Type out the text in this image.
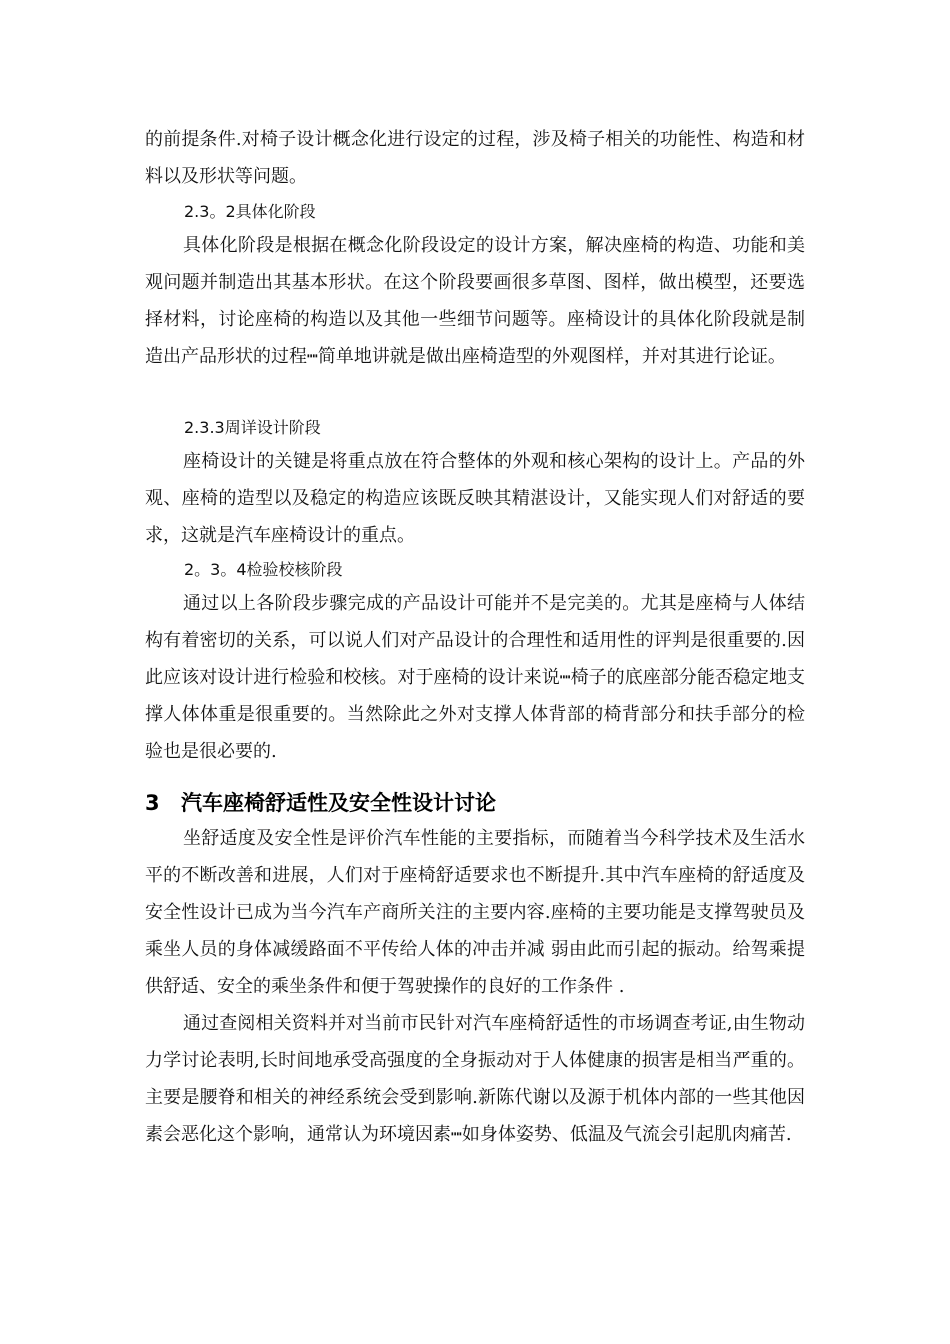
的前提条件.对椅子设计概念化进行设定的过程，涉及椅子相关的功能性、构造和材料以及形状等问题。

2.3。2具体化阶段

具体化阶段是根据在概念化阶段设定的设计方案，解决座椅的构造、功能和美观问题并制造出其基本形状。在这个阶段要画很多草图、图样，做出模型，还要选择材料，讨论座椅的构造以及其他一些细节问题等。座椅设计的具体化阶段就是制造出产品形状的过程┉简单地讲就是做出座椅造型的外观图样，并对其进行论证。

2.3.3周详设计阶段

座椅设计的关键是将重点放在符合整体的外观和核心架构的设计上。产品的外观、座椅的造型以及稳定的构造应该既反映其精湛设计，又能实现人们对舒适的要求，这就是汽车座椅设计的重点。

2。3。4检验校核阶段

通过以上各阶段步骤完成的产品设计可能并不是完美的。尤其是座椅与人体结构有着密切的关系，可以说人们对产品设计的合理性和适用性的评判是很重要的.因此应该对设计进行检验和校核。对于座椅的设计来说┉椅子的底座部分能否稳定地支撑人体体重是很重要的。当然除此之外对支撑人体背部的椅背部分和扶手部分的检验也是很必要的.

3 汽车座椅舒适性及安全性设计讨论

坐舒适度及安全性是评价汽车性能的主要指标，而随着当今科学技术及生活水平的不断改善和进展，人们对于座椅舒适要求也不断提升.其中汽车座椅的舒适度及安全性设计已成为当今汽车产商所关注的主要内容.座椅的主要功能是支撑驾驶员及乘坐人员的身体减缓路面不平传给人体的冲击并减 弱由此而引起的振动。给驾乘提供舒适、安全的乘坐条件和便于驾驶操作的良好的工作条件 .

通过查阅相关资料并对当前市民针对汽车座椅舒适性的市场调查考证,由生物动力学讨论表明,长时间地承受高强度的全身振动对于人体健康的损害是相当严重的。主要是腰脊和相关的神经系统会受到影响.新陈代谢以及源于机体内部的一些其他因素会恶化这个影响，通常认为环境因素┉如身体姿势、低温及气流会引起肌肉痛苦.
